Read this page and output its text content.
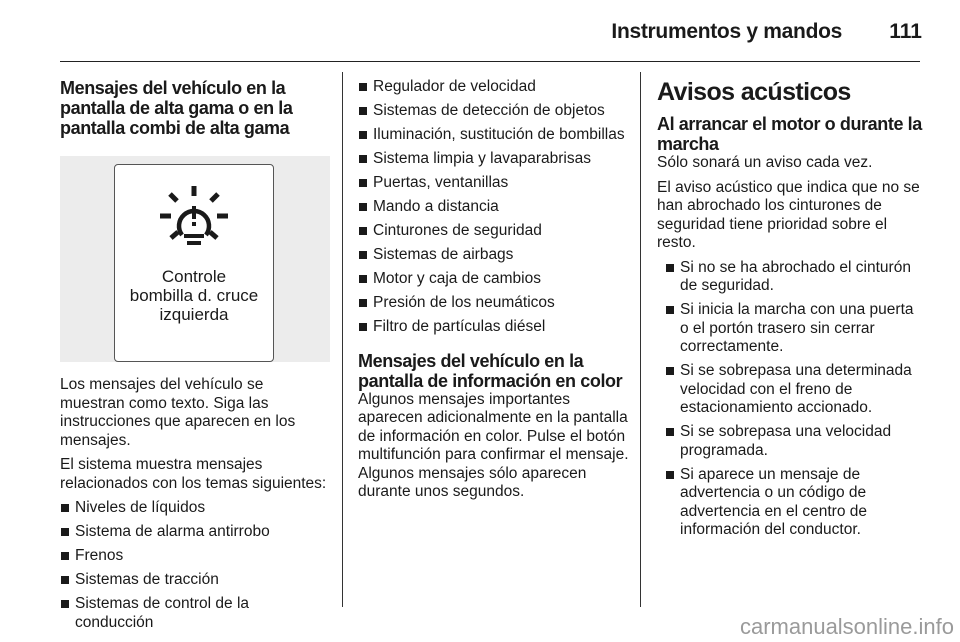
Instrumentos y mandos 111
Mensajes del vehículo en la pantalla de alta gama o en la pantalla combi de alta gama
Controle
bombilla d. cruce
izquierda

Los mensajes del vehículo se muestran como texto. Siga las instrucciones que aparecen en los mensajes.

El sistema muestra mensajes relacionados con los temas siguientes:

Niveles de líquidos
Sistema de alarma antirrobo
Frenos
Sistemas de tracción
Sistemas de control de la conducción
Regulador de velocidad
Sistemas de detección de objetos
Iluminación, sustitución de bombillas
Sistema limpia y lavaparabrisas
Puertas, ventanillas
Mando a distancia
Cinturones de seguridad
Sistemas de airbags
Motor y caja de cambios
Presión de los neumáticos
Filtro de partículas diésel
Mensajes del vehículo en la pantalla de información en color

Algunos mensajes importantes aparecen adicionalmente en la pantalla de información en color. Pulse el botón multifunción para confirmar el mensaje. Algunos mensajes sólo aparecen durante unos segundos.

Avisos acústicos
Al arrancar el motor o durante la marcha

Sólo sonará un aviso cada vez.

El aviso acústico que indica que no se han abrochado los cinturones de seguridad tiene prioridad sobre el resto.

Si no se ha abrochado el cinturón de seguridad.
Si inicia la marcha con una puerta o el portón trasero sin cerrar correctamente.
Si se sobrepasa una determinada velocidad con el freno de estacionamiento accionado.
Si se sobrepasa una velocidad programada.
Si aparece un mensaje de advertencia o un código de advertencia en el centro de información del conductor.
carmanualsonline.info
